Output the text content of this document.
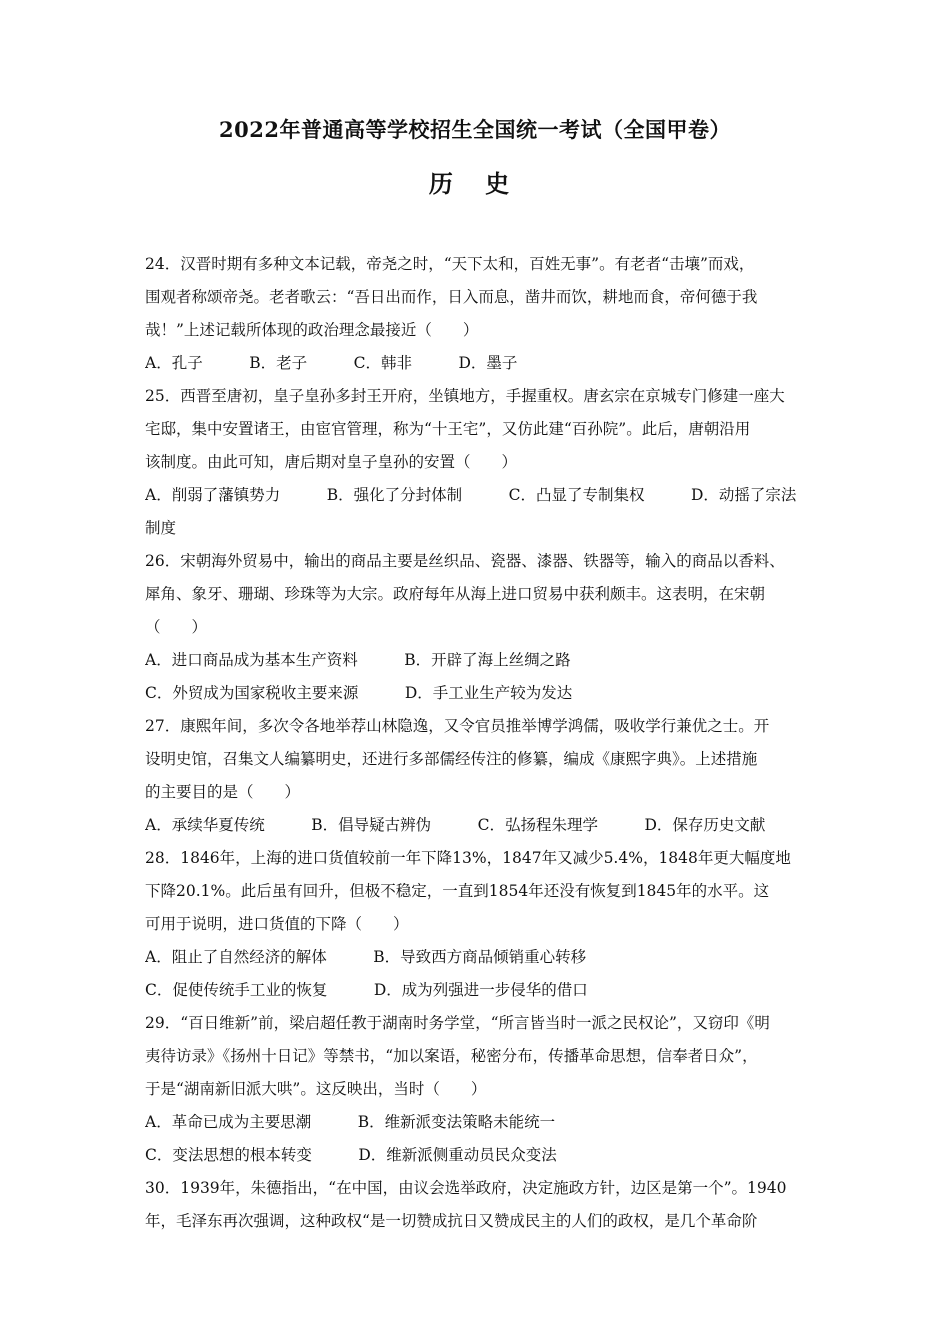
2022年普通高等学校招生全国统一考试（全国甲卷）
历 史
24．汉晋时期有多种文本记载，帝尧之时，“天下太和，百姓无事”。有老者“击壤”而戏，
围观者称颂帝尧。老者歌云：“吾日出而作，日入而息，凿井而饮，耕地而食，帝何德于我
哉！”上述记载所体现的政治理念最接近（　　）
A．孔子　　　B．老子　　　C．韩非　　　D．墨子
25．西晋至唐初，皇子皇孙多封王开府，坐镇地方，手握重权。唐玄宗在京城专门修建一座大
宅邸，集中安置诸王，由宦官管理，称为“十王宅”，又仿此建“百孙院”。此后，唐朝沿用
该制度。由此可知，唐后期对皇子皇孙的安置（　　）
A．削弱了藩镇势力　　　B．强化了分封体制　　　C．凸显了专制集权　　　D．动摇了宗法
制度
26．宋朝海外贸易中，输出的商品主要是丝织品、瓷器、漆器、铁器等，输入的商品以香料、
犀角、象牙、珊瑚、珍珠等为大宗。政府每年从海上进口贸易中获利颇丰。这表明，在宋朝
（　　）
A．进口商品成为基本生产资料　　　B．开辟了海上丝绸之路
C．外贸成为国家税收主要来源　　　D．手工业生产较为发达
27．康熙年间，多次令各地举荐山林隐逸，又令官员推举博学鸿儒，吸收学行兼优之士。开
设明史馆，召集文人编纂明史，还进行多部儒经传注的修纂，编成《康熙字典》。上述措施
的主要目的是（　　）
A．承续华夏传统　　　B．倡导疑古辨伪　　　C．弘扬程朱理学　　　D．保存历史文献
28．1846年，上海的进口货值较前一年下降13%，1847年又减少5.4%，1848年更大幅度地
下降20.1%。此后虽有回升，但极不稳定，一直到1854年还没有恢复到1845年的水平。这
可用于说明，进口货值的下降（　　）
A．阻止了自然经济的解体　　　B．导致西方商品倾销重心转移
C．促使传统手工业的恢复　　　D．成为列强进一步侵华的借口
29．“百日维新”前，梁启超任教于湖南时务学堂，“所言皆当时一派之民权论”，又窃印《明
夷待访录》《扬州十日记》等禁书，“加以案语，秘密分布，传播革命思想，信奉者日众”，
于是“湖南新旧派大哄”。这反映出，当时（　　）
A．革命已成为主要思潮　　　B．维新派变法策略未能统一
C．变法思想的根本转变　　　D．维新派侧重动员民众变法
30．1939年，朱德指出，“在中国，由议会选举政府，决定施政方针，边区是第一个”。1940
年，毛泽东再次强调，这种政权“是一切赞成抗日又赞成民主的人们的政权，是几个革命阶
